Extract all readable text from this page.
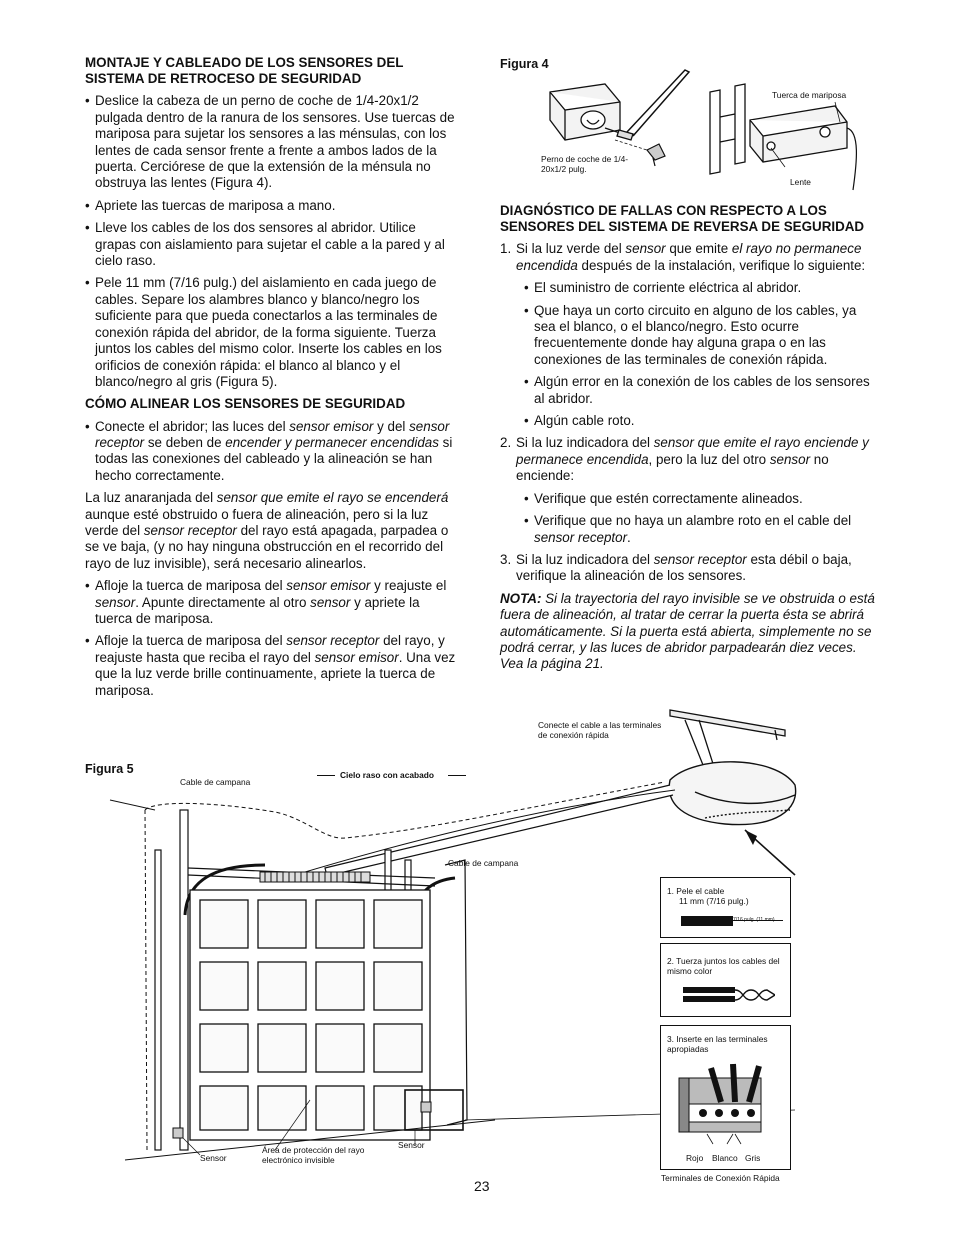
MONTAJE Y CABLEADO DE LOS SENSORES DEL SISTEMA DE RETROCESO DE SEGURIDAD
• Deslice la cabeza de un perno de coche de 1/4-20x1/2 pulgada dentro de la ranura de los sensores. Use tuercas de mariposa para sujetar los sensores a las ménsulas, con los lentes de cada sensor frente a frente a ambos lados de la puerta. Cerciórese de que la extensión de la ménsula no obstruya las lentes (Figura 4).
• Apriete las tuercas de mariposa a mano.
• Lleve los cables de los dos sensores al abridor. Utilice grapas con aislamiento para sujetar el cable a la pared y al cielo raso.
• Pele 11 mm (7/16 pulg.) del aislamiento en cada juego de cables. Separe los alambres blanco y blanco/negro los suficiente para que pueda conectarlos a las terminales de conexión rápida del abridor, de la forma siguiente. Tuerza juntos los cables del mismo color. Inserte los cables en los orificios de conexión rápida: el blanco al blanco y el blanco/negro al gris (Figura 5).
CÓMO ALINEAR LOS SENSORES DE SEGURIDAD
• Conecte el abridor; las luces del sensor emisor y del sensor receptor se deben de encender y permanecer encendidas si todas las conexiones del cableado y la alineación se han hecho correctamente.

La luz anaranjada del sensor que emite el rayo se encenderá aunque esté obstruido o fuera de alineación, pero si la luz verde del sensor receptor del rayo está apagada, parpadea o se ve baja, (y no hay ninguna obstrucción en el recorrido del rayo de luz invisible), será necesario alinearlos.

• Afloje la tuerca de mariposa del sensor emisor y reajuste el sensor. Apunte directamente al otro sensor y apriete la tuerca de mariposa.
• Afloje la tuerca de mariposa del sensor receptor del rayo, y reajuste hasta que reciba el rayo del sensor emisor. Una vez que la luz verde brille continuamente, apriete la tuerca de mariposa.
Figura 4
Tuerca de mariposa
Perno de coche de 1/4-20x1/2 pulg.
Lente
DIAGNÓSTICO DE FALLAS CON RESPECTO A LOS SENSORES DEL SISTEMA DE REVERSA DE SEGURIDAD
1. Si la luz verde del sensor que emite el rayo no permanece encendida después de la instalación, verifique lo siguiente:
• El suministro de corriente eléctrica al abridor.
• Que haya un corto circuito en alguno de los cables, ya sea el blanco, o el blanco/negro. Esto ocurre frecuentemente donde hay alguna grapa o en las conexiones de las terminales de conexión rápida.
• Algún error en la conexión de los cables de los sensores al abridor.
• Algún cable roto.
2. Si la luz indicadora del sensor que emite el rayo enciende y permanece encendida, pero la luz del otro sensor no enciende:
• Verifique que estén correctamente alineados.
• Verifique que no haya un alambre roto en el cable del sensor receptor.
3. Si la luz indicadora del sensor receptor esta débil o baja, verifique la alineación de los sensores.

NOTA: Si la trayectoria del rayo invisible se ve obstruida o está fuera de alineación, al tratar de cerrar la puerta ésta se abrirá automáticamente. Si la puerta está abierta, simplemente no se podrá cerrar, y las luces de abridor parpadearán diez veces. Vea la página 21.

Figura 5
Cable de campana
Cielo raso con acabado
Cable de campana
Conecte el cable a las terminales de conexión rápida
Sensor
Sensor
Área de protección del rayo electrónico invisible
1. Pele el cable
11 mm (7/16 pulg.)
7/16 pulg. (11 mm)
2. Tuerza juntos los cables del mismo color
3. Inserte en las terminales apropiadas
Rojo Blanco Gris
Terminales de Conexión Rápida
23
